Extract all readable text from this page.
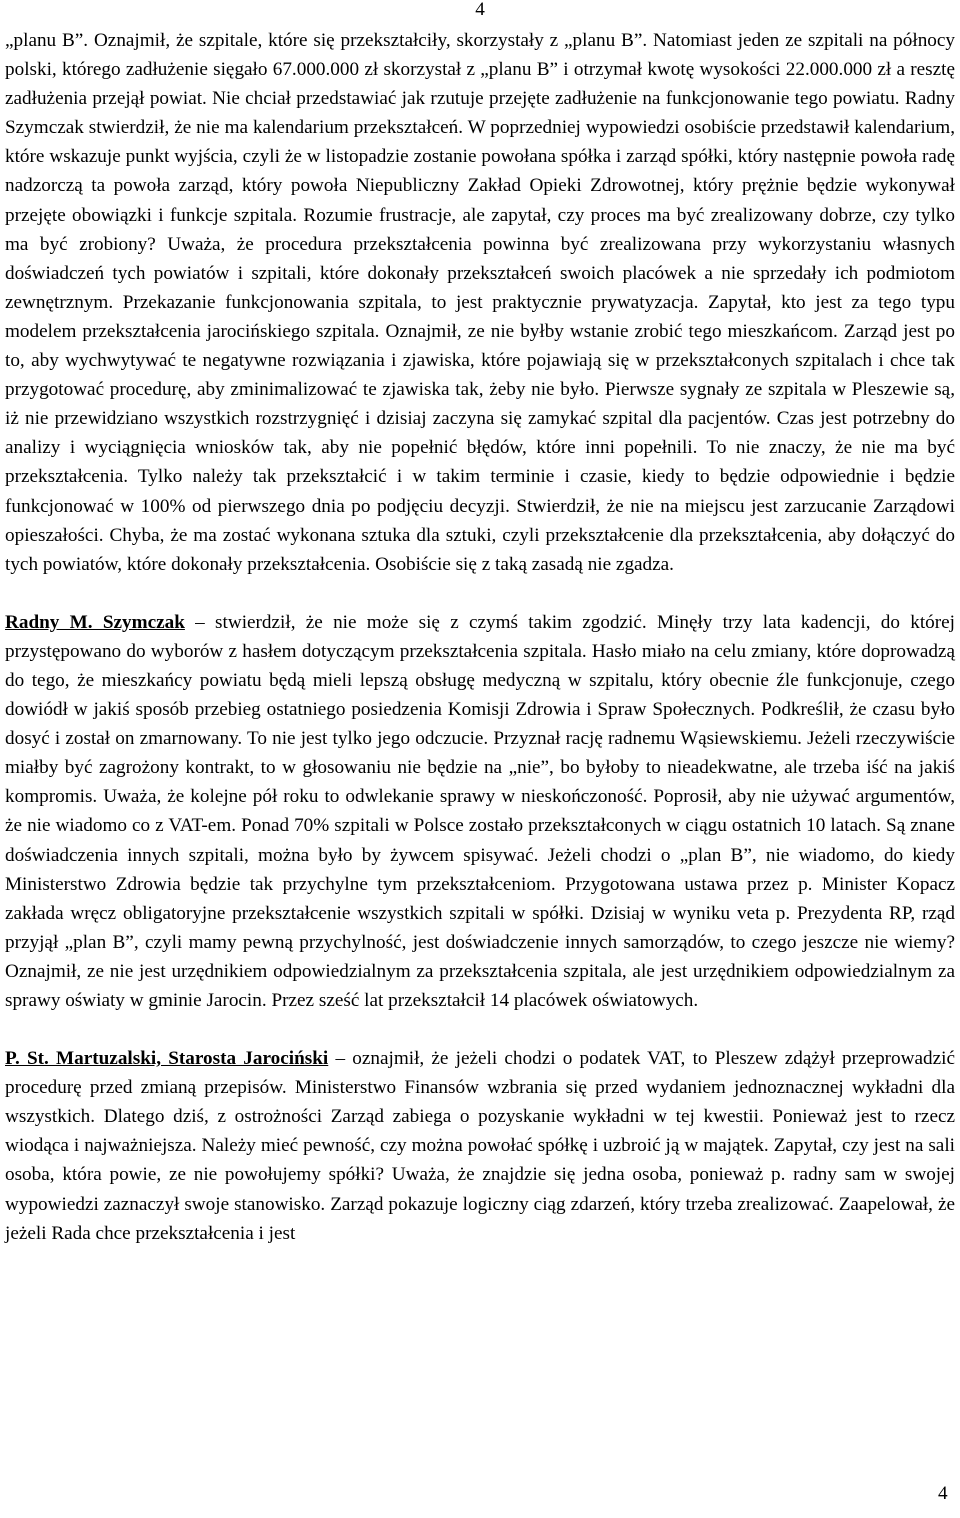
4

„planu B”. Oznajmił, że szpitale, które się przekształciły, skorzystały z „planu B”. Natomiast jeden ze szpitali na północy polski, którego zadłużenie sięgało 67.000.000 zł skorzystał z „planu B” i otrzymał kwotę wysokości 22.000.000 zł a resztę zadłużenia przejął powiat. Nie chciał przedstawiać jak rzutuje przejęte zadłużenie na funkcjonowanie tego powiatu. Radny Szymczak stwierdził, że nie ma kalendarium przekształceń. W poprzedniej wypowiedzi osobiście przedstawił kalendarium, które wskazuje punkt wyjścia, czyli że w listopadzie zostanie powołana spółka i zarząd spółki, który następnie powoła radę nadzorczą ta powoła zarząd, który powoła Niepubliczny Zakład Opieki Zdrowotnej, który prężnie będzie wykonywał przejęte obowiązki i funkcje szpitala. Rozumie frustracje, ale zapytał, czy proces ma być zrealizowany dobrze, czy tylko ma być zrobiony? Uważa, że procedura przekształcenia powinna być zrealizowana przy wykorzystaniu własnych doświadczeń tych powiatów i szpitali, które dokonały przekształceń swoich placówek a nie sprzedały ich podmiotom zewnętrznym. Przekazanie funkcjonowania szpitala, to jest praktycznie prywatyzacja. Zapytał, kto jest za tego typu modelem przekształcenia jarocińskiego szpitala. Oznajmił, ze nie byłby wstanie zrobić tego mieszkańcom. Zarząd jest po to, aby wychwytywać te negatywne rozwiązania i zjawiska, które pojawiają się w przekształconych szpitalach i chce tak przygotować procedurę, aby zminimalizować te zjawiska tak, żeby nie było. Pierwsze sygnały ze szpitala w Pleszewie są, iż nie przewidziano wszystkich rozstrzygnięć i dzisiaj zaczyna się zamykać szpital dla pacjentów. Czas jest potrzebny do analizy i wyciągnięcia wniosków tak, aby nie popełnić błędów, które inni popełnili. To nie znaczy, że nie ma być przekształcenia. Tylko należy tak przekształcić i w takim terminie i czasie, kiedy to będzie odpowiednie i będzie funkcjonować w 100% od pierwszego dnia po podjęciu decyzji. Stwierdził, że nie na miejscu jest zarzucanie Zarządowi opieszałości. Chyba, że ma zostać wykonana sztuka dla sztuki, czyli przekształcenie dla przekształcenia, aby dołączyć do tych powiatów, które dokonały przekształcenia. Osobiście się z taką zasadą nie zgadza.

Radny M. Szymczak – stwierdził, że nie może się z czymś takim zgodzić. Minęły trzy lata kadencji, do której przystępowano do wyborów z hasłem dotyczącym przekształcenia szpitala. Hasło miało na celu zmiany, które doprowadzą do tego, że mieszkańcy powiatu będą mieli lepszą obsługę medyczną w szpitalu, który obecnie źle funkcjonuje, czego dowiódł w jakiś sposób przebieg ostatniego posiedzenia Komisji Zdrowia i Spraw Społecznych. Podkreślił, że czasu było dosyć i został on zmarnowany. To nie jest tylko jego odczucie. Przyznał rację radnemu Wąsiewskiemu. Jeżeli rzeczywiście miałby być zagrożony kontrakt, to w głosowaniu nie będzie na „nie”, bo byłoby to nieadekwatne, ale trzeba iść na jakiś kompromis. Uważa, że kolejne pół roku to odwlekanie sprawy w nieskończoność. Poprosił, aby nie używać argumentów, że nie wiadomo co z VAT-em. Ponad 70% szpitali w Polsce zostało przekształconych w ciągu ostatnich 10 latach. Są znane doświadczenia innych szpitali, można było by żywcem spisywać. Jeżeli chodzi o „plan B”, nie wiadomo, do kiedy Ministerstwo Zdrowia będzie tak przychylne tym przekształceniom. Przygotowana ustawa przez p. Minister Kopacz zakłada wręcz obligatoryjne przekształcenie wszystkich szpitali w spółki. Dzisiaj w wyniku veta p. Prezydenta RP, rząd przyjął „plan B”, czyli mamy pewną przychylność, jest doświadczenie innych samorządów, to czego jeszcze nie wiemy? Oznajmił, ze nie jest urzędnikiem odpowiedzialnym za przekształcenia szpitala, ale jest urzędnikiem odpowiedzialnym za sprawy oświaty w gminie Jarocin. Przez sześć lat przekształcił 14 placówek oświatowych.

P. St. Martuzalski, Starosta Jarociński – oznajmił, że jeżeli chodzi o podatek VAT, to Pleszew zdążył przeprowadzić procedurę przed zmianą przepisów. Ministerstwo Finansów wzbrania się przed wydaniem jednoznacznej wykładni dla wszystkich. Dlatego dziś, z ostrożności Zarząd zabiega o pozyskanie wykładni w tej kwestii. Ponieważ jest to rzecz wiodąca i najważniejsza. Należy mieć pewność, czy można powołać spółkę i uzbroić ją w majątek. Zapytał, czy jest na sali osoba, która powie, ze nie powołujemy spółki? Uważa, że znajdzie się jedna osoba, ponieważ p. radny sam w swojej wypowiedzi zaznaczył swoje stanowisko. Zarząd pokazuje logiczny ciąg zdarzeń, który trzeba zrealizować. Zaapelował, że jeżeli Rada chce przekształcenia i jest

4
